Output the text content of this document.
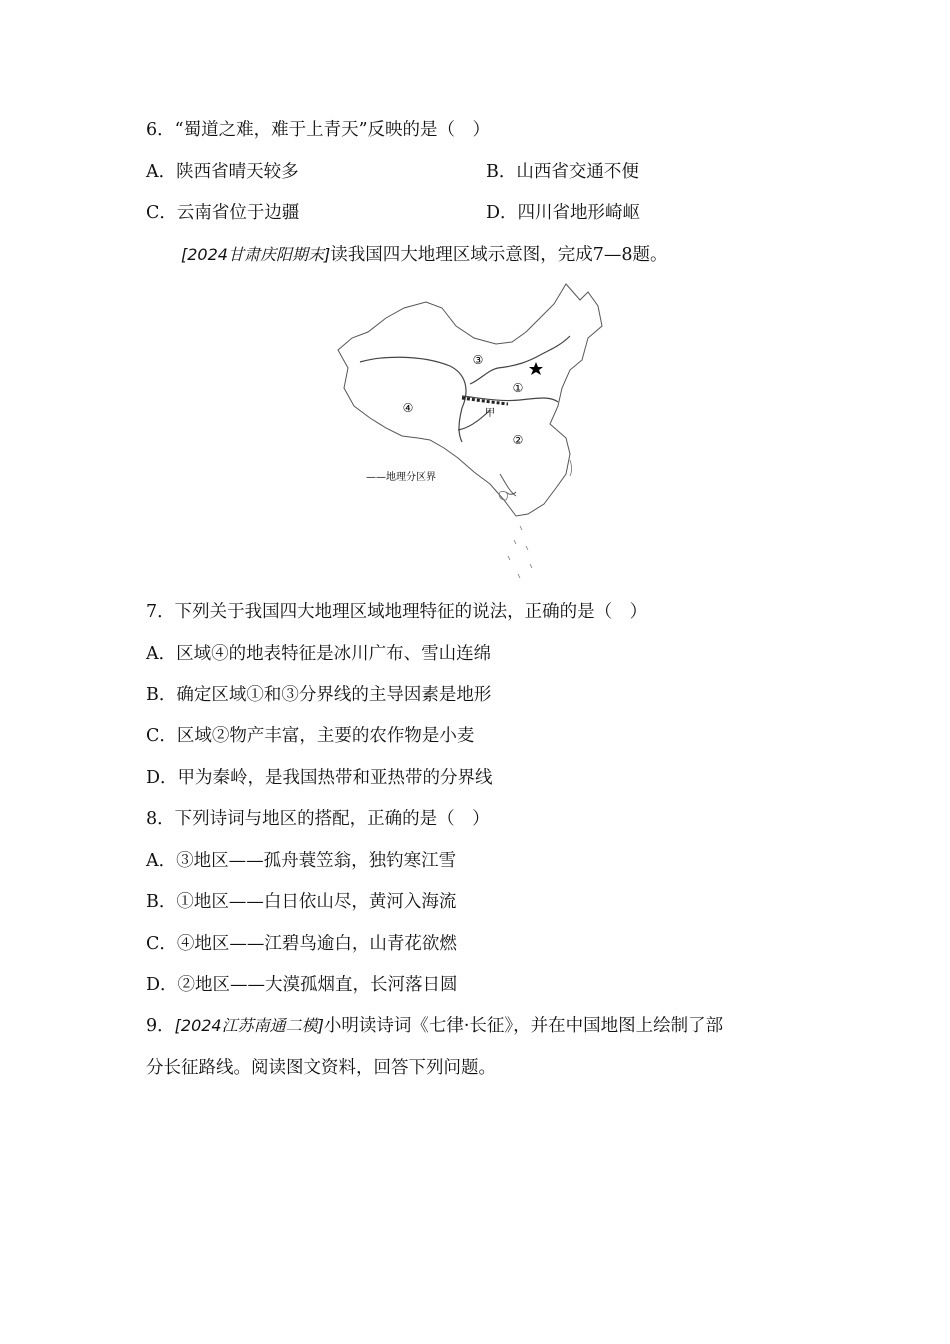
6．“蜀道之难，难于上青天”反映的是（　）
A．陕西省晴天较多	B．山西省交通不便
C．云南省位于边疆	D．四川省地形崎岖
[2024甘肃庆阳期末]读我国四大地理区域示意图，完成7—8题。
③
①
②
④	甲
——地理分区界
7．下列关于我国四大地理区域地理特征的说法，正确的是（　）
A．区域④的地表特征是冰川广布、雪山连绵
B．确定区域①和③分界线的主导因素是地形
C．区域②物产丰富，主要的农作物是小麦
D．甲为秦岭，是我国热带和亚热带的分界线
8．下列诗词与地区的搭配，正确的是（　）
A．③地区——孤舟蓑笠翁，独钓寒江雪
B．①地区——白日依山尽，黄河入海流
C．④地区——江碧鸟逾白，山青花欲燃
D．②地区——大漠孤烟直，长河落日圆
9．[2024江苏南通二模]小明读诗词《七律·长征》，并在中国地图上绘制了部
分长征路线。阅读图文资料，回答下列问题。
